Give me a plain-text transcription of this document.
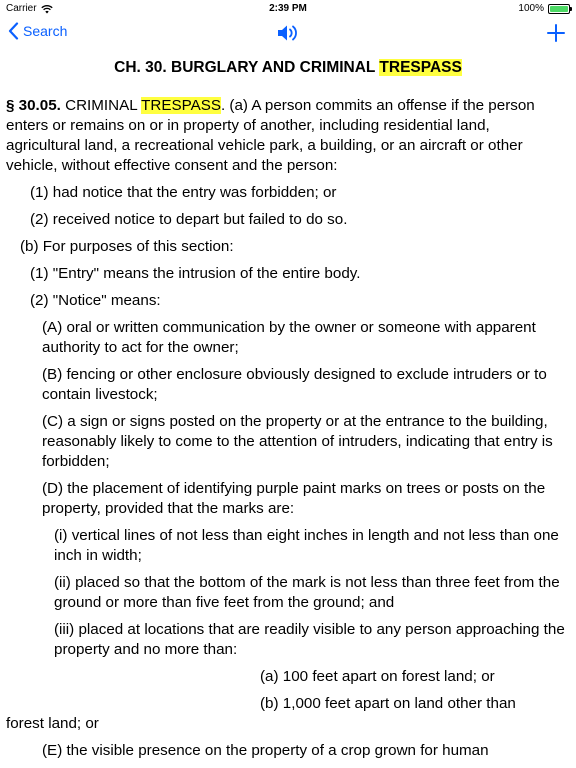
Carrier	2:39 PM	100%
Search
CH. 30. BURGLARY AND CRIMINAL TRESPASS
§ 30.05. CRIMINAL TRESPASS. (a) A person commits an offense if the person enters or remains on or in property of another, including residential land, agricultural land, a recreational vehicle park, a building, or an aircraft or other vehicle, without effective consent and the person:
(1) had notice that the entry was forbidden; or
(2) received notice to depart but failed to do so.
(b) For purposes of this section:
(1) "Entry" means the intrusion of the entire body.
(2) "Notice" means:
(A) oral or written communication by the owner or someone with apparent authority to act for the owner;
(B) fencing or other enclosure obviously designed to exclude intruders or to contain livestock;
(C) a sign or signs posted on the property or at the entrance to the building, reasonably likely to come to the attention of intruders, indicating that entry is forbidden;
(D) the placement of identifying purple paint marks on trees or posts on the property, provided that the marks are:
(i) vertical lines of not less than eight inches in length and not less than one inch in width;
(ii) placed so that the bottom of the mark is not less than three feet from the ground or more than five feet from the ground; and
(iii) placed at locations that are readily visible to any person approaching the property and no more than:
(a) 100 feet apart on forest land; or
(b) 1,000 feet apart on land other than
forest land; or
(E) the visible presence on the property of a crop grown for human
